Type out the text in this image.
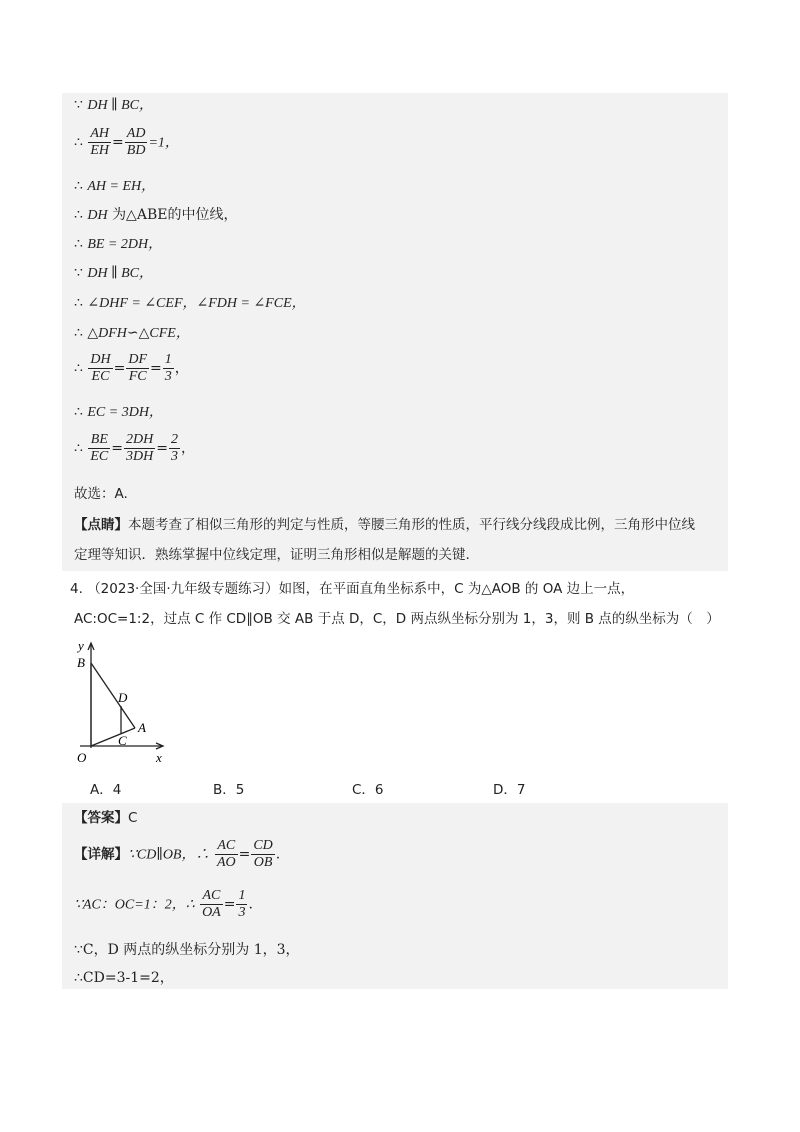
∵ DH ∥ BC，
∴ $\frac{AH}{EH} = \frac{AD}{BD} =1$，
∴ AH = EH，
∴ DH 为△ABE的中位线，
∴ BE = 2DH，
∵ DH ∥ BC，
∴ ∠DHF = ∠CEF，∠FDH = ∠FCE，
∴ △DFH∽△CFE，
∴ $\frac{DH}{EC} = \frac{DF}{FC} = \frac{1}{3}$ ，
∴ EC = 3DH，
∴ $\frac{BE}{EC} = \frac{2DH}{3DH} = \frac{2}{3}$ ，
故选：A.
【点睛】本题考查了相似三角形的判定与性质，等腰三角形的性质，平行线分线段成比例，三角形中位线
定理等知识．熟练掌握中位线定理，证明三角形相似是解题的关键.
4. （2023·全国·九年级专题练习）如图，在平面直角坐标系中，C 为△AOB 的 OA 边上一点，
AC:OC=1:2，过点 C 作 CD∥OB 交 AB 于点 D，C，D 两点纵坐标分别为 1，3，则 B 点的纵坐标为（　）
y
B
D
A
C
O	x
A．4	B．5	C．6	D．7
【答案】C
【详解】∵CD∥OB，∴ $\frac{AC}{AO} = \frac{CD}{OB}$ .
∵AC：OC=1：2，∴ $\frac{AC}{OA} = \frac{1}{3}$ .
∵C，D 两点的纵坐标分别为 1，3，
∴CD=3-1=2，
